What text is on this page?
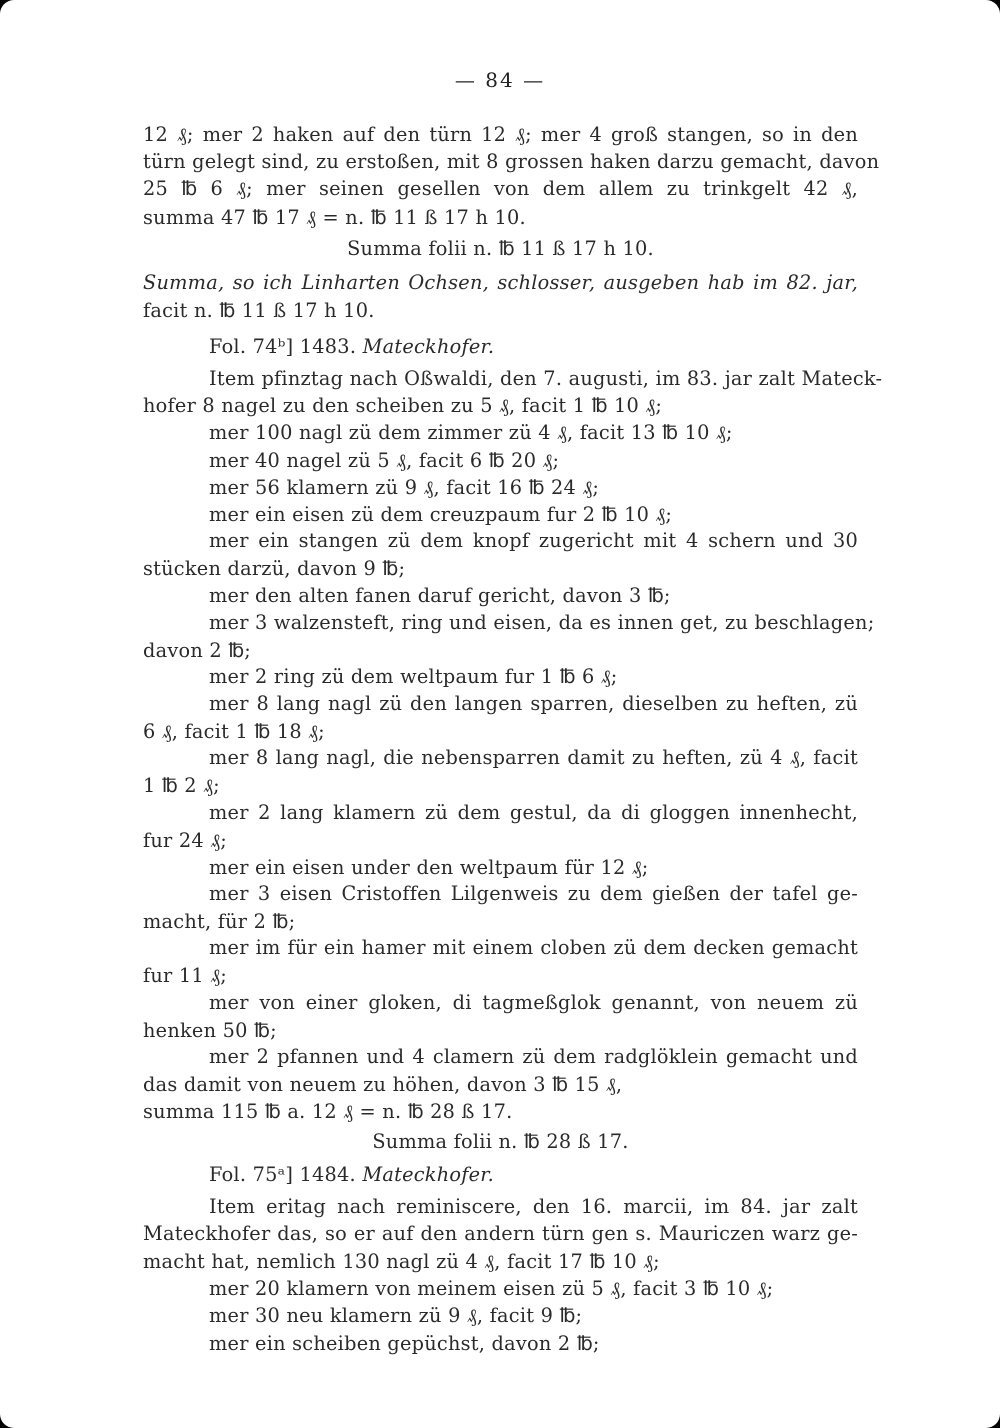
— 84 —
12 ₰; mer 2 haken auf den türn 12 ₰; mer 4 groß stangen, so in den
türn gelegt sind, zu erstoßen, mit 8 grossen haken darzu gemacht, davon
25 ℔ 6 ₰; mer seinen gesellen von dem allem zu trinkgelt 42 ₰,
summa 47 ℔ 17 ₰ = n. ℔ 11 ß 17 h 10.
Summa folii n. ℔ 11 ß 17 h 10.
Summa, so ich Linharten Ochsen, schlosser, ausgeben hab im 82. jar,
facit n. ℔ 11 ß 17 h 10.
Fol. 74ᵇ] 1483. Mateckhofer.
Item pfinztag nach Oßwaldi, den 7. augusti, im 83. jar zalt Mateck-
hofer 8 nagel zu den scheiben zu 5 ₰, facit 1 ℔ 10 ₰;
mer 100 nagl zü dem zimmer zü 4 ₰, facit 13 ℔ 10 ₰;
mer 40 nagel zü 5 ₰, facit 6 ℔ 20 ₰;
mer 56 klamern zü 9 ₰, facit 16 ℔ 24 ₰;
mer ein eisen zü dem creuzpaum fur 2 ℔ 10 ₰;
mer ein stangen zü dem knopf zugericht mit 4 schern und 30
stücken darzü, davon 9 ℔;
mer den alten fanen daruf gericht, davon 3 ℔;
mer 3 walzensteft, ring und eisen, da es innen get, zu beschlagen;
davon 2 ℔;
mer 2 ring zü dem weltpaum fur 1 ℔ 6 ₰;
mer 8 lang nagl zü den langen sparren, dieselben zu heften, zü
6 ₰, facit 1 ℔ 18 ₰;
mer 8 lang nagl, die nebensparren damit zu heften, zü 4 ₰, facit
1 ℔ 2 ₰;
mer 2 lang klamern zü dem gestul, da di gloggen innenhecht,
fur 24 ₰;
mer ein eisen under den weltpaum für 12 ₰;
mer 3 eisen Cristoffen Lilgenweis zu dem gießen der tafel ge-
macht, für 2 ℔;
mer im für ein hamer mit einem cloben zü dem decken gemacht
fur 11 ₰;
mer von einer gloken, di tagmeßglok genannt, von neuem zü
henken 50 ℔;
mer 2 pfannen und 4 clamern zü dem radglöklein gemacht und
das damit von neuem zu höhen, davon 3 ℔ 15 ₰,
summa 115 ℔ a. 12 ₰ = n. ℔ 28 ß 17.
Summa folii n. ℔ 28 ß 17.
Fol. 75ᵃ] 1484. Mateckhofer.
Item eritag nach reminiscere, den 16. marcii, im 84. jar zalt
Mateckhofer das, so er auf den andern türn gen s. Mauriczen warz ge-
macht hat, nemlich 130 nagl zü 4 ₰, facit 17 ℔ 10 ₰;
mer 20 klamern von meinem eisen zü 5 ₰, facit 3 ℔ 10 ₰;
mer 30 neu klamern zü 9 ₰, facit 9 ℔;
mer ein scheiben gepüchst, davon 2 ℔;
